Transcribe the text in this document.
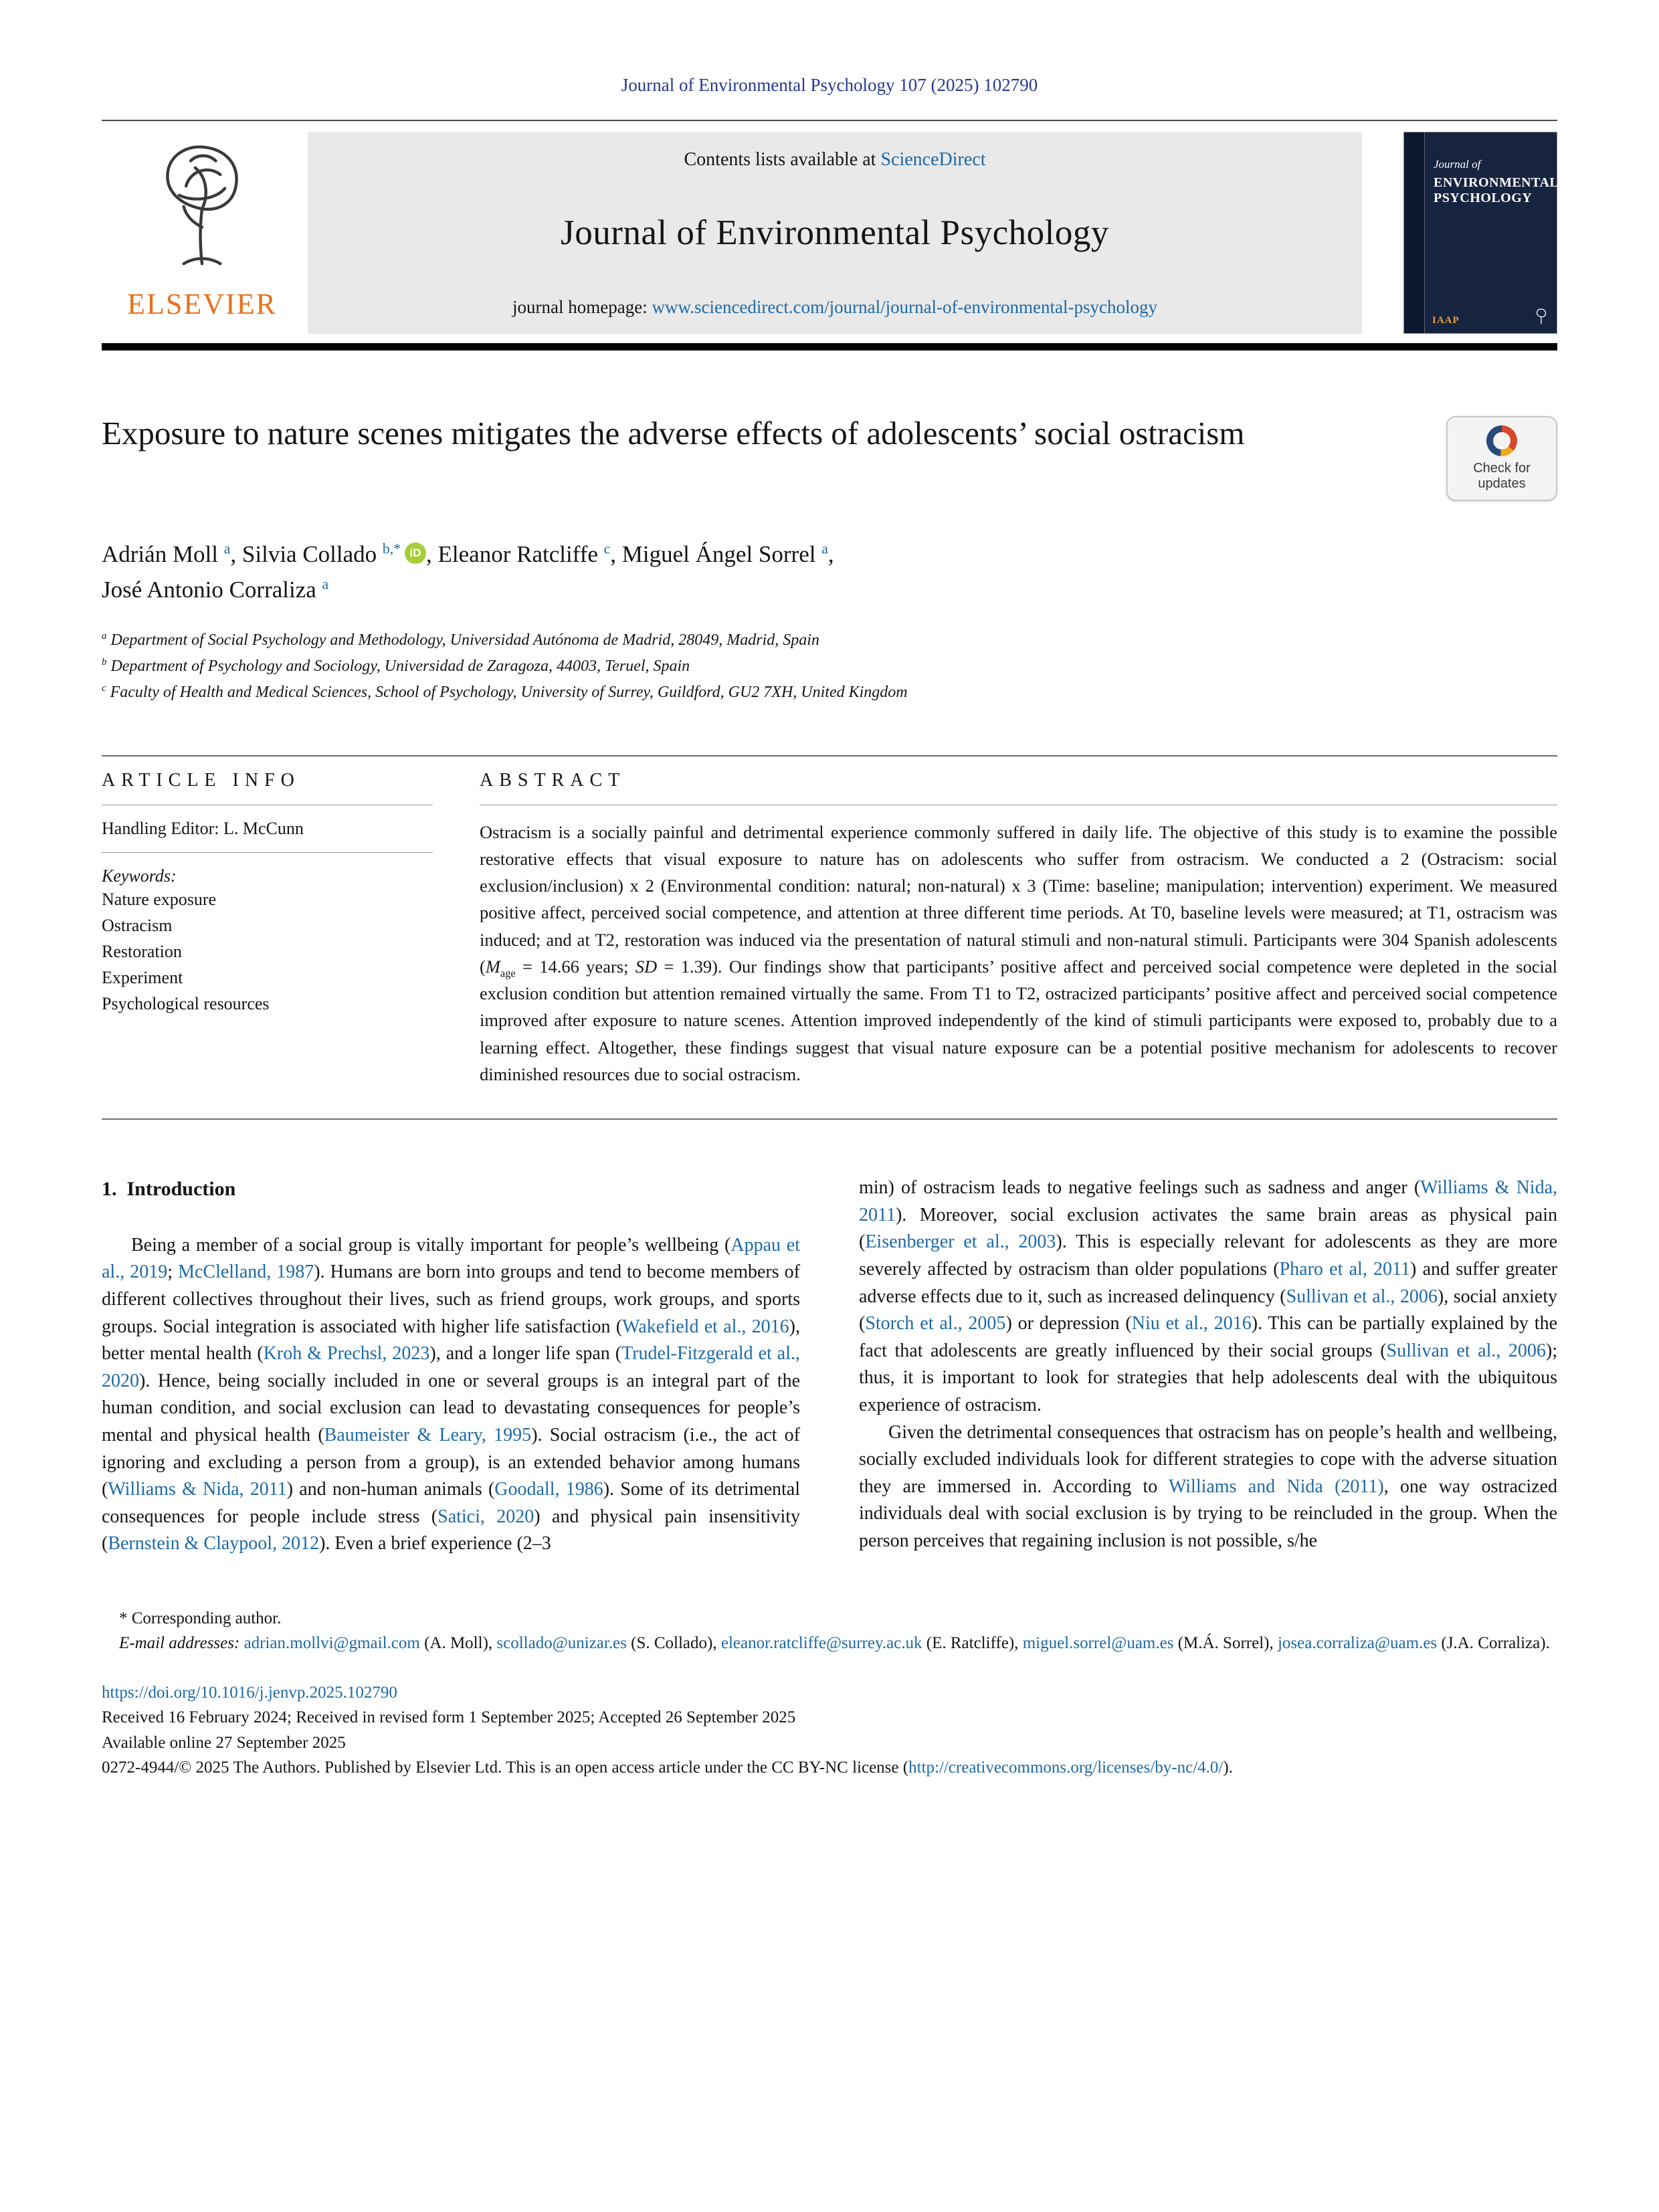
Journal of Environmental Psychology 107 (2025) 102790
ELSEVIER
Contents lists available at ScienceDirect
Journal of Environmental Psychology
journal homepage: www.sciencedirect.com/journal/journal-of-environmental-psychology
Journal of
ENVIRONMENTAL
PSYCHOLOGY
IAAP
Exposure to nature scenes mitigates the adverse effects of adolescents’ social ostracism
Check for
updates
Adrián Moll $^a$, Silvia Collado $^{b,*}$ iD , Eleanor Ratcliffe $^c$, Miguel Ángel Sorrel $^a$,
José Antonio Corraliza $^a$
$^a$ Department of Social Psychology and Methodology, Universidad Autónoma de Madrid, 28049, Madrid, Spain
$^b$ Department of Psychology and Sociology, Universidad de Zaragoza, 44003, Teruel, Spain
$^c$ Faculty of Health and Medical Sciences, School of Psychology, University of Surrey, Guildford, GU2 7XH, United Kingdom
ARTICLE INFO
Handling Editor: L. McCunn
Keywords:
Nature exposure
Ostracism
Restoration
Experiment
Psychological resources
ABSTRACT

Ostracism is a socially painful and detrimental experience commonly suffered in daily life. The objective of this study is to examine the possible restorative effects that visual exposure to nature has on adolescents who suffer from ostracism. We conducted a 2 (Ostracism: social exclusion/inclusion) x 2 (Environmental condition: natural; non-natural) x 3 (Time: baseline; manipulation; intervention) experiment. We measured positive affect, perceived social competence, and attention at three different time periods. At T0, baseline levels were measured; at T1, ostracism was induced; and at T2, restoration was induced via the presentation of natural stimuli and non-natural stimuli. Participants were 304 Spanish adolescents ($M_{age} = 14.66$ years; SD = 1.39). Our findings show that participants’ positive affect and perceived social competence were depleted in the social exclusion condition but attention remained virtually the same. From T1 to T2, ostracized participants’ positive affect and perceived social competence improved after exposure to nature scenes. Attention improved independently of the kind of stimuli participants were exposed to, probably due to a learning effect. Altogether, these findings suggest that visual nature exposure can be a potential positive mechanism for adolescents to recover diminished resources due to social ostracism.

1. Introduction

Being a member of a social group is vitally important for people’s wellbeing (Appau et al., 2019; McClelland, 1987). Humans are born into groups and tend to become members of different collectives throughout their lives, such as friend groups, work groups, and sports groups. Social integration is associated with higher life satisfaction (Wakefield et al., 2016), better mental health (Kroh & Prechsl, 2023), and a longer life span (Trudel-Fitzgerald et al., 2020). Hence, being socially included in one or several groups is an integral part of the human condition, and social exclusion can lead to devastating consequences for people’s mental and physical health (Baumeister & Leary, 1995). Social ostracism (i.e., the act of ignoring and excluding a person from a group), is an extended behavior among humans (Williams & Nida, 2011) and non-human animals (Goodall, 1986). Some of its detrimental consequences for people include stress (Satici, 2020) and physical pain insensitivity (Bernstein & Claypool, 2012). Even a brief experience (2–3

min) of ostracism leads to negative feelings such as sadness and anger (Williams & Nida, 2011). Moreover, social exclusion activates the same brain areas as physical pain (Eisenberger et al., 2003). This is especially relevant for adolescents as they are more severely affected by ostracism than older populations (Pharo et al, 2011) and suffer greater adverse effects due to it, such as increased delinquency (Sullivan et al., 2006), social anxiety (Storch et al., 2005) or depression (Niu et al., 2016). This can be partially explained by the fact that adolescents are greatly influenced by their social groups (Sullivan et al., 2006); thus, it is important to look for strategies that help adolescents deal with the ubiquitous experience of ostracism.

Given the detrimental consequences that ostracism has on people’s health and wellbeing, socially excluded individuals look for different strategies to cope with the adverse situation they are immersed in. According to Williams and Nida (2011), one way ostracized individuals deal with social exclusion is by trying to be reincluded in the group. When the person perceives that regaining inclusion is not possible, s/he

* Corresponding author.
E-mail addresses: adrian.mollvi@gmail.com (A. Moll), scollado@unizar.es (S. Collado), eleanor.ratcliffe@surrey.ac.uk (E. Ratcliffe), miguel.sorrel@uam.es (M.Á. Sorrel), josea.corraliza@uam.es (J.A. Corraliza).
https://doi.org/10.1016/j.jenvp.2025.102790
Received 16 February 2024; Received in revised form 1 September 2025; Accepted 26 September 2025
Available online 27 September 2025
0272-4944/© 2025 The Authors. Published by Elsevier Ltd. This is an open access article under the CC BY-NC license (http://creativecommons.org/licenses/by-nc/4.0/).
